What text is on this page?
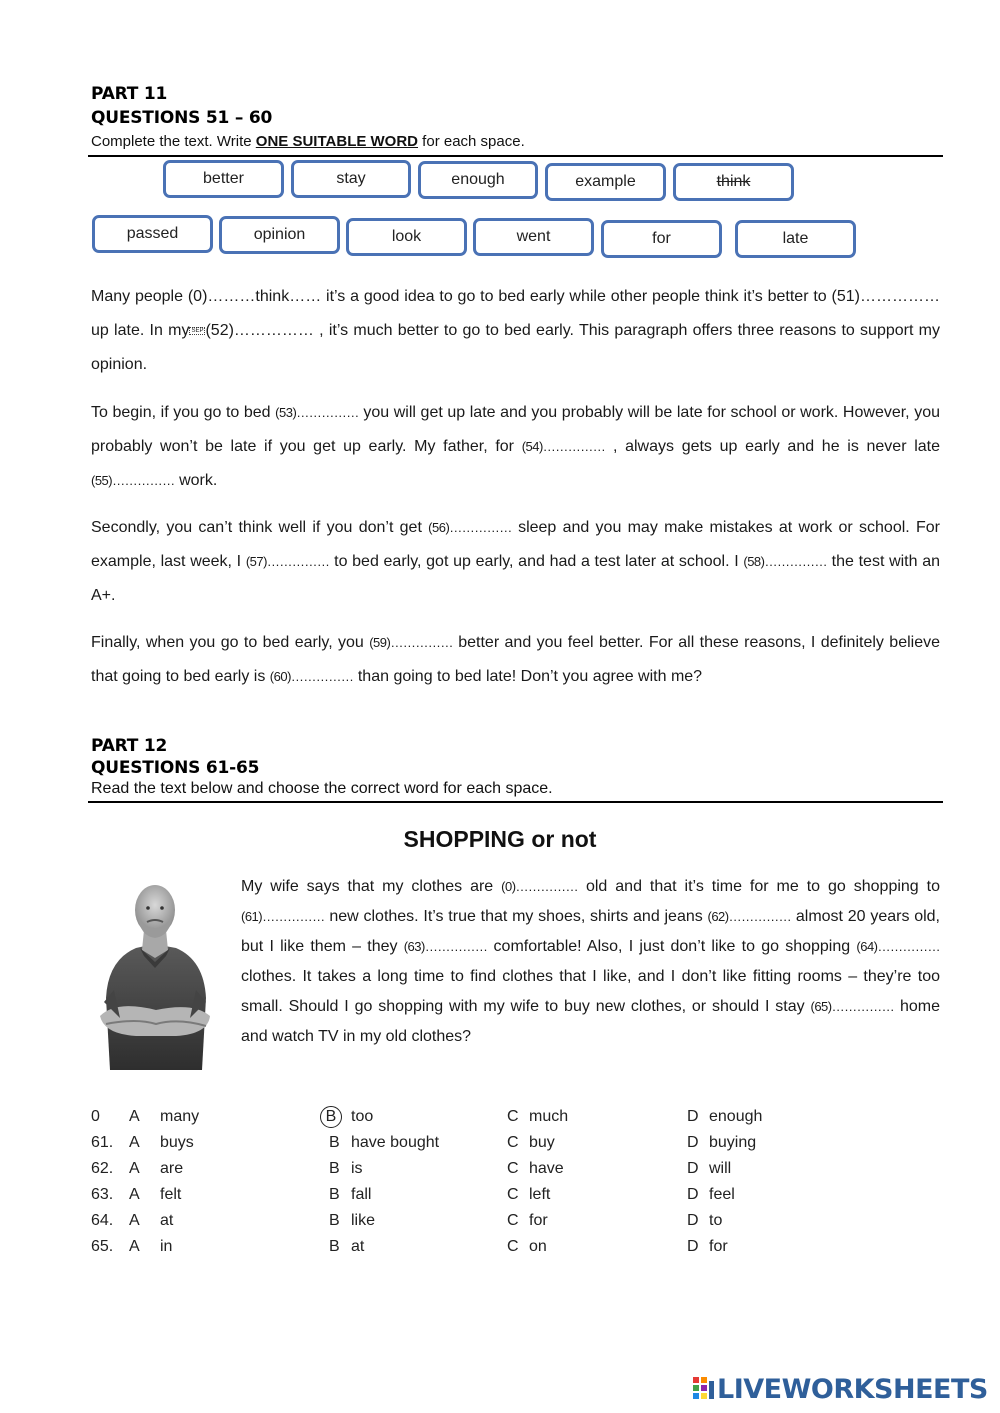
PART 11
QUESTIONS 51 – 60
Complete the text. Write ONE SUITABLE WORD for each space.
better	stay	enough	example	think
passed	opinion	look	went	for	late
Many people (0)………think…… it’s a good idea to go to bed early while other people think it’s better to (51)…………… up late. In my SEP (52)…………… , it’s much better to go to bed early. This paragraph offers three reasons to support my opinion.
To begin, if you go to bed (53)…………… you will get up late and you probably will be late for school or work. However, you probably won’t be late if you get up early. My father, for (54)…………… , always gets up early and he is never late (55)…………… work.
Secondly, you can’t think well if you don’t get (56)…………… sleep and you may make mistakes at work or school. For example, last week, I (57)…………… to bed early, got up early, and had a test later at school. I (58)…………… the test with an A+.
Finally, when you go to bed early, you (59)…………… better and you feel better. For all these reasons, I definitely believe that going to bed early is (60)…………… than going to bed late! Don’t you agree with me?
PART 12
QUESTIONS 61-65
Read the text below and choose the correct word for each space.
SHOPPING or not
My wife says that my clothes are (0)…………… old and that it’s time for me to go shopping to (61)…………… new clothes. It’s true that my shoes, shirts and jeans (62)…………… almost 20 years old, but I like them – they (63)…………… comfortable! Also, I just don’t like to go shopping (64)…………… clothes. It takes a long time to find clothes that I like, and I don’t like fitting rooms – they’re too small. Should I go shopping with my wife to buy new clothes, or should I stay (65)…………… home and watch TV in my old clothes?
0 A many	B too	C much	D enough
61. A buys	B have bought	C buy	D buying
62. A are	B is	C have	D will
63. A felt	B fall	C left	D feel
64. A at	B like	C for	D to
65. A in	B at	C on	D for
LIVEWORKSHEETS
